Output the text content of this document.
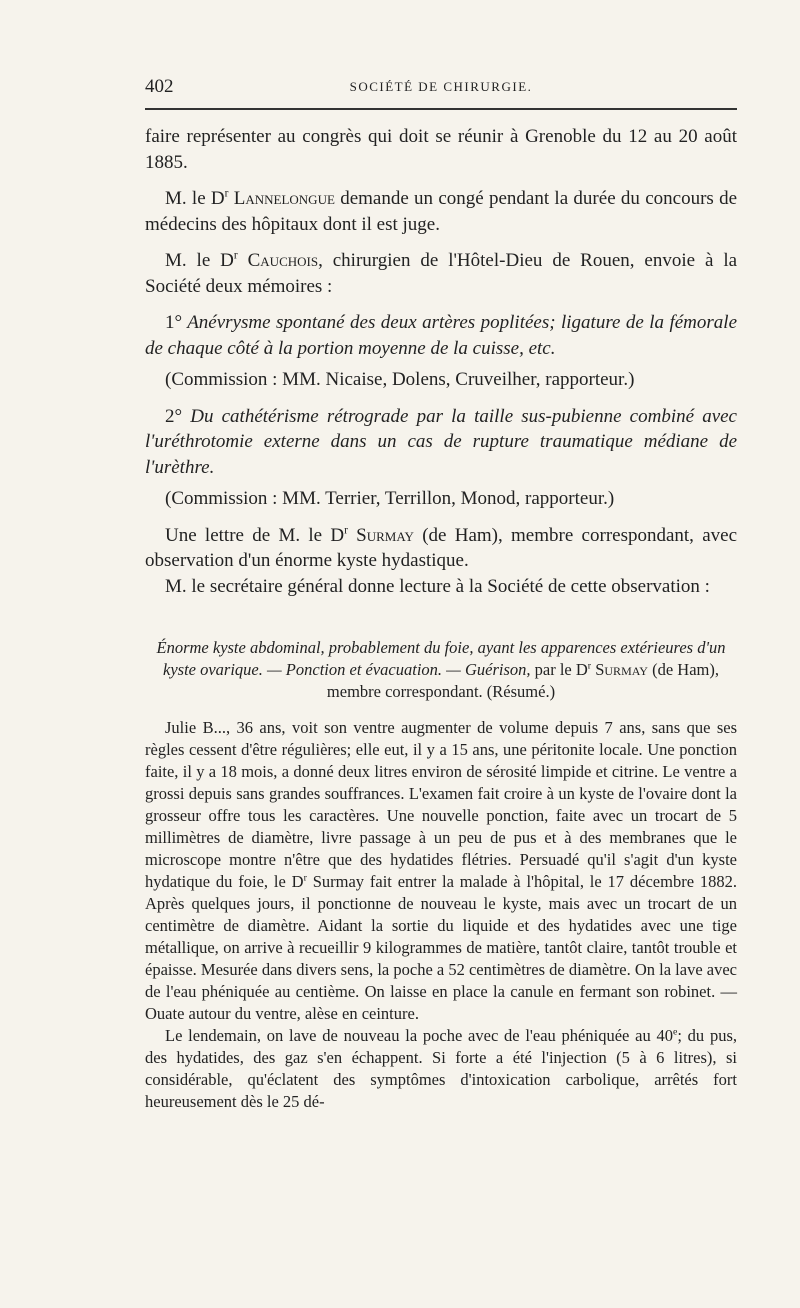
402	SOCIÉTÉ DE CHIRURGIE.

faire représenter au congrès qui doit se réunir à Grenoble du 12 au 20 août 1885.

M. le $D^r$ Lannelongue demande un congé pendant la durée du concours de médecins des hôpitaux dont il est juge.

M. le $D^r$ Cauchois, chirurgien de l'Hôtel-Dieu de Rouen, envoie à la Société deux mémoires :

1° Anévrysme spontané des deux artères poplitées; ligature de la fémorale de chaque côté à la portion moyenne de la cuisse, etc.

(Commission : MM. Nicaise, Dolens, Cruveilher, rapporteur.)

2° Du cathétérisme rétrograde par la taille sus-pubienne combiné avec l'uréthrotomie externe dans un cas de rupture traumatique médiane de l'urèthre.

(Commission : MM. Terrier, Terrillon, Monod, rapporteur.)

Une lettre de M. le $D^r$ Surmay (de Ham), membre correspondant, avec observation d'un énorme kyste hydastique.

M. le secrétaire général donne lecture à la Société de cette observation :

Énorme kyste abdominal, probablement du foie, ayant les apparences extérieures d'un kyste ovarique. — Ponction et évacuation. — Guérison, par le $D^r$ Surmay (de Ham), membre correspondant. (Résumé.)

Julie B..., 36 ans, voit son ventre augmenter de volume depuis 7 ans, sans que ses règles cessent d'être régulières; elle eut, il y a 15 ans, une péritonite locale. Une ponction faite, il y a 18 mois, a donné deux litres environ de sérosité limpide et citrine. Le ventre a grossi depuis sans grandes souffrances. L'examen fait croire à un kyste de l'ovaire dont la grosseur offre tous les caractères. Une nouvelle ponction, faite avec un trocart de 5 millimètres de diamètre, livre passage à un peu de pus et à des membranes que le microscope montre n'être que des hydatides flétries. Persuadé qu'il s'agit d'un kyste hydatique du foie, le $D^r$ Surmay fait entrer la malade à l'hôpital, le 17 décembre 1882. Après quelques jours, il ponctionne de nouveau le kyste, mais avec un trocart de un centimètre de diamètre. Aidant la sortie du liquide et des hydatides avec une tige métallique, on arrive à recueillir 9 kilogrammes de matière, tantôt claire, tantôt trouble et épaisse. Mesurée dans divers sens, la poche a 52 centimètres de diamètre. On la lave avec de l'eau phéniquée au centième. On laisse en place la canule en fermant son robinet. — Ouate autour du ventre, alèse en ceinture.

Le lendemain, on lave de nouveau la poche avec de l'eau phéniquée au 40e; du pus, des hydatides, des gaz s'en échappent. Si forte a été l'injection (5 à 6 litres), si considérable, qu'éclatent des symptômes d'intoxication carbolique, arrêtés fort heureusement dès le 25 dé-
